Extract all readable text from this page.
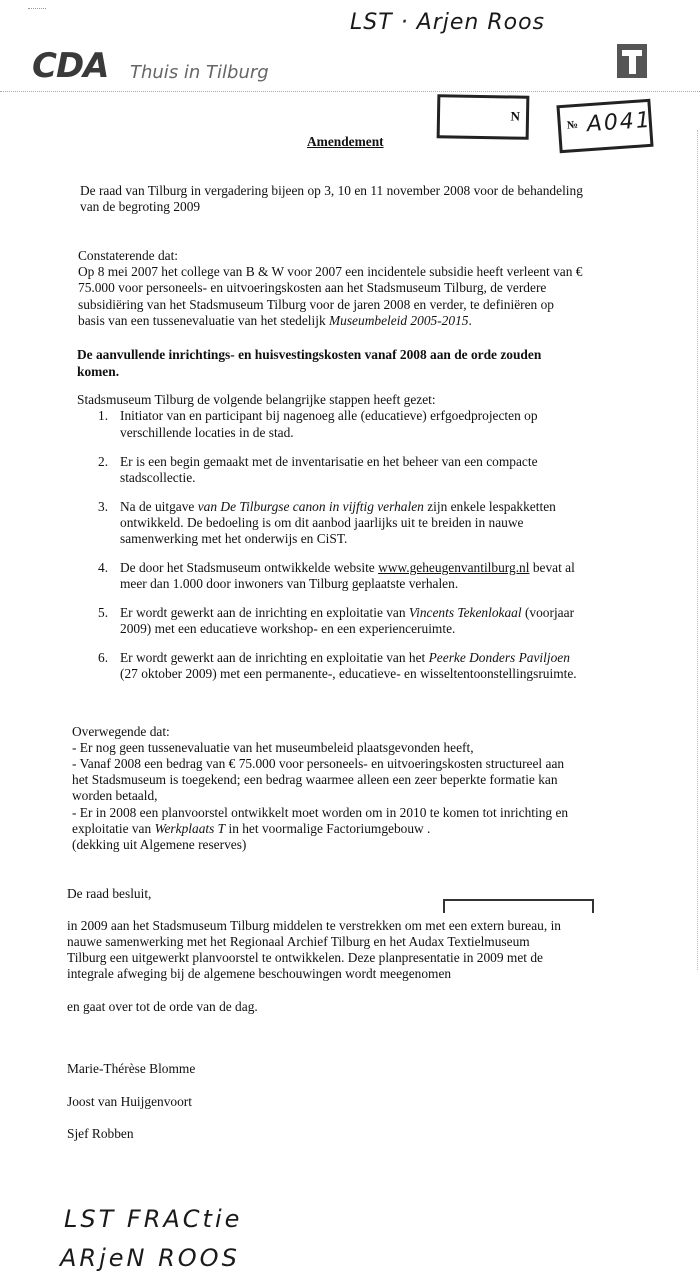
LST · Arjen Roos
CDA Thuis in Tilburg
N
№ A041
Amendement
De raad van Tilburg in vergadering bijeen op 3, 10 en 11 november 2008 voor de behandeling
van de begroting 2009
Constaterende dat:
Op 8 mei 2007 het college van B & W voor 2007 een incidentele subsidie heeft verleent van €
75.000 voor personeels- en uitvoeringskosten aan het Stadsmuseum Tilburg, de verdere
subsidiëring van het Stadsmuseum Tilburg voor de jaren 2008 en verder, te definiëren op
basis van een tussenevaluatie van het stedelijk Museumbeleid 2005-2015.
De aanvullende inrichtings- en huisvestingskosten vanaf 2008 aan de orde zouden
komen.
Stadsmuseum Tilburg de volgende belangrijke stappen heeft gezet:
1. Initiator van en participant bij nagenoeg alle (educatieve) erfgoedprojecten op
verschillende locaties in de stad.
2. Er is een begin gemaakt met de inventarisatie en het beheer van een compacte
stadscollectie.
3. Na de uitgave van De Tilburgse canon in vijftig verhalen zijn enkele lespakketten
ontwikkeld. De bedoeling is om dit aanbod jaarlijks uit te breiden in nauwe
samenwerking met het onderwijs en CiST.
4. De door het Stadsmuseum ontwikkelde website www.geheugenvantilburg.nl bevat al
meer dan 1.000 door inwoners van Tilburg geplaatste verhalen.
5. Er wordt gewerkt aan de inrichting en exploitatie van Vincents Tekenlokaal (voorjaar
2009) met een educatieve workshop- en een experienceruimte.
6. Er wordt gewerkt aan de inrichting en exploitatie van het Peerke Donders Paviljoen
(27 oktober 2009) met een permanente-, educatieve- en wisseltentoonstellingsruimte.
Overwegende dat:
- Er nog geen tussenevaluatie van het museumbeleid plaatsgevonden heeft,
- Vanaf 2008 een bedrag van € 75.000 voor personeels- en uitvoeringskosten structureel aan
het Stadsmuseum is toegekend; een bedrag waarmee alleen een zeer beperkte formatie kan
worden betaald,
- Er in 2008 een planvoorstel ontwikkelt moet worden om in 2010 te komen tot inrichting en
exploitatie van Werkplaats T in het voormalige Factoriumgebouw .
(dekking uit Algemene reserves)
De raad besluit,
in 2009 aan het Stadsmuseum Tilburg middelen te verstrekken om met een extern bureau, in
nauwe samenwerking met het Regionaal Archief Tilburg en het Audax Textielmuseum
Tilburg een uitgewerkt planvoorstel te ontwikkelen. Deze planpresentatie in 2009 met de
integrale afweging bij de algemene beschouwingen wordt meegenomen
en gaat over tot de orde van de dag.
Marie-Thérèse Blomme
Joost van Huijgenvoort
Sjef Robben
LST FRACtie
ARjeN ROOS
